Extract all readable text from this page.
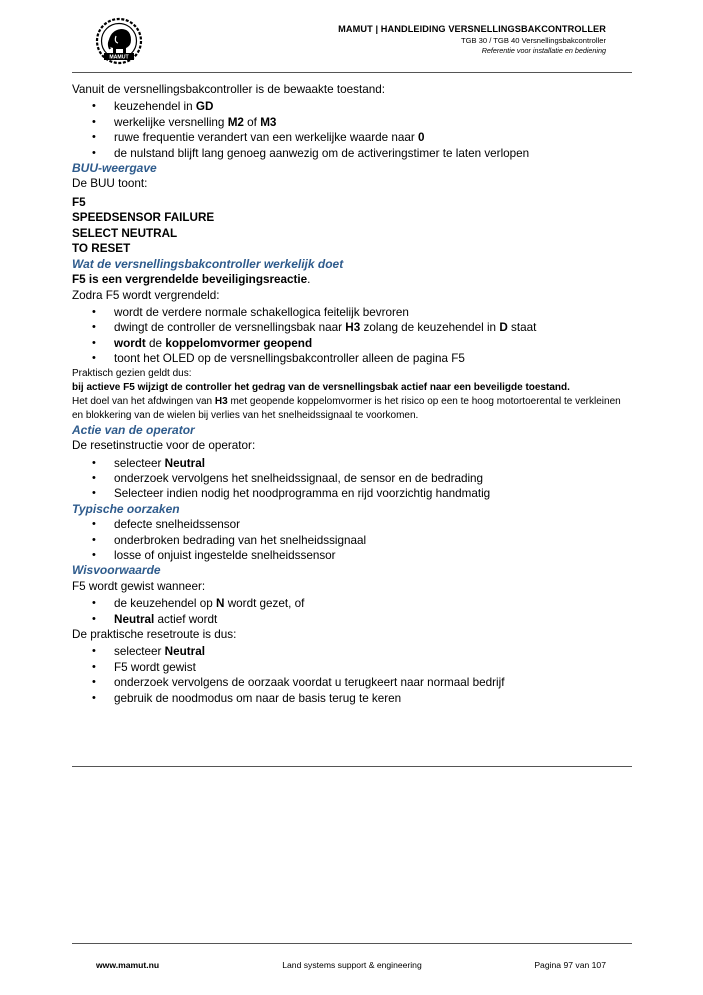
MAMUT
MAMUT | HANDLEIDING VERSNELLINGSBAKCONTROLLER
TGB 30 / TGB 40 Versnellingsbakcontroller
Referentie voor installatie en bediening

Vanuit de versnellingsbakcontroller is de bewaakte toestand:

• keuzehendel in GD
• werkelijke versnelling M2 of M3
• ruwe frequentie verandert van een werkelijke waarde naar 0
• de nulstand blijft lang genoeg aanwezig om de activeringstimer te laten verlopen

BUU-weergave

De BUU toont:

F5
SPEEDSENSOR FAILURE
SELECT NEUTRAL
TO RESET

Wat de versnellingsbakcontroller werkelijk doet

F5 is een vergrendelde beveiligingsreactie.

Zodra F5 wordt vergrendeld:

• wordt de verdere normale schakellogica feitelijk bevroren
• dwingt de controller de versnellingsbak naar H3 zolang de keuzehendel in D staat
• wordt de koppelomvormer geopend
• toont het OLED op de versnellingsbakcontroller alleen de pagina F5

Praktisch gezien geldt dus:

bij actieve F5 wijzigt de controller het gedrag van de versnellingsbak actief naar een beveiligde toestand.

Het doel van het afdwingen van H3 met geopende koppelomvormer is het risico op een te hoog motortoerental te verkleinen en blokkering van de wielen bij verlies van het snelheidssignaal te voorkomen.

Actie van de operator

De resetinstructie voor de operator:

• selecteer Neutral
• onderzoek vervolgens het snelheidssignaal, de sensor en de bedrading
• Selecteer indien nodig het noodprogramma en rijd voorzichtig handmatig

Typische oorzaken

• defecte snelheidssensor
• onderbroken bedrading van het snelheidssignaal
• losse of onjuist ingestelde snelheidssensor

Wisvoorwaarde

F5 wordt gewist wanneer:

• de keuzehendel op N wordt gezet, of
• Neutral actief wordt

De praktische resetroute is dus:

• selecteer Neutral
• F5 wordt gewist
• onderzoek vervolgens de oorzaak voordat u terugkeert naar normaal bedrijf
• gebruik de noodmodus om naar de basis terug te keren
Land systems support & engineering
www.mamut.nu	Pagina 97 van 107
